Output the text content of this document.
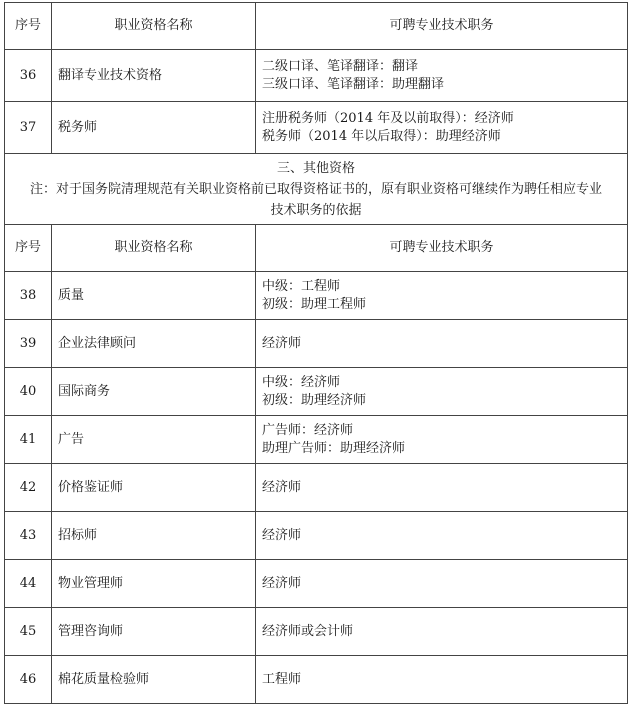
序号	职业资格名称	可聘专业技术职务
36	翻译专业技术资格	二级口译、笔译翻译：翻译
三级口译、笔译翻译：助理翻译

37	税务师	注册税务师（2014 年及以前取得）：经济师
税务师（2014 年以后取得）：助理经济师

三、其他资格
注：对于国务院清理规范有关职业资格前已取得资格证书的，原有职业资格可继续作为聘任相应专业
技术职务的依据		

序号	职业资格名称	可聘专业技术职务
38	质量	中级：工程师
初级：助理工程师

39	企业法律顾问	经济师

40	国际商务	中级：经济师
初级：助理经济师

41	广告	广告师：经济师
助理广告师：助理经济师

42	价格鉴证师	经济师

43	招标师	经济师

44	物业管理师	经济师

45	管理咨询师	经济师或会计师

46	棉花质量检验师	工程师
